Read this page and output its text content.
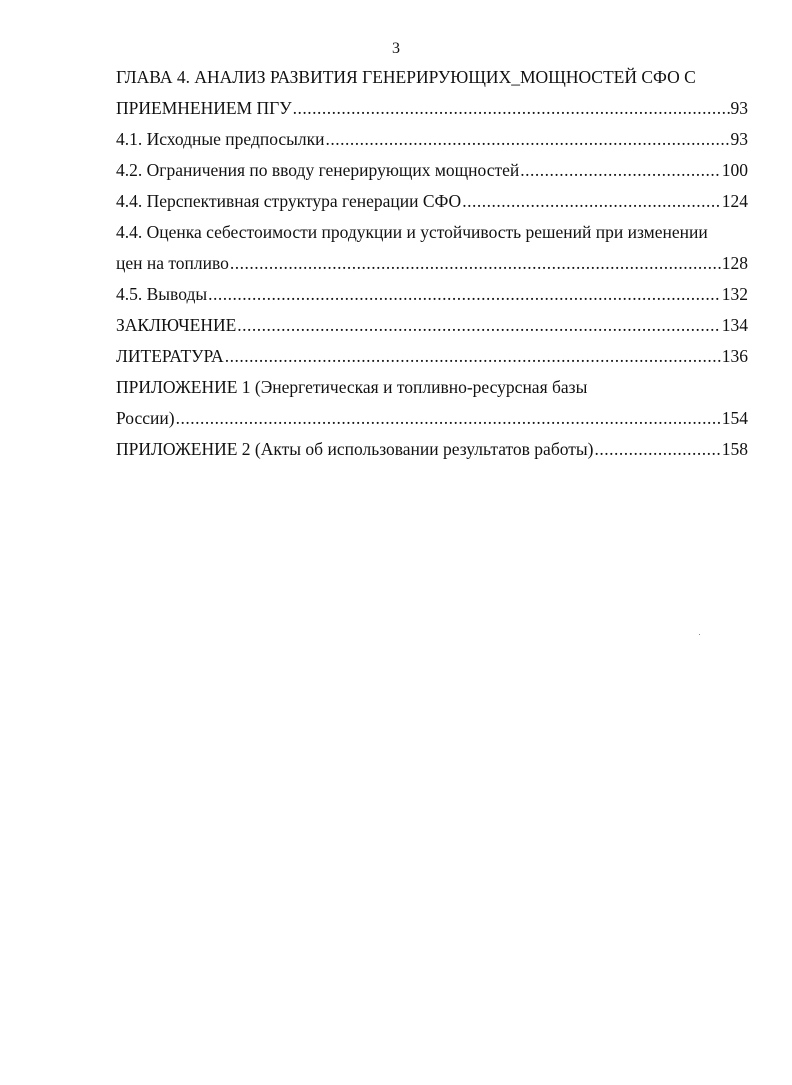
3
ГЛАВА 4. АНАЛИЗ РАЗВИТИЯ ГЕНЕРИРУЮЩИХ_МОЩНОСТЕЙ СФО С
ПРИЕМНЕНИЕМ ПГУ .....	93
4.1. Исходные предпосылки .....	93
4.2. Ограничения по вводу генерирующих мощностей .....	100
4.4. Перспективная структура генерации СФО .....	124
4.4. Оценка себестоимости продукции и устойчивость решений при изменении
цен на топливо .....	128
4.5. Выводы .....	132
ЗАКЛЮЧЕНИЕ .....	134
ЛИТЕРАТУРА .....	136
ПРИЛОЖЕНИЕ 1 (Энергетическая и топливно-ресурсная базы
России) .....	154
ПРИЛОЖЕНИЕ 2 (Акты об использовании результатов работы) .....	158
